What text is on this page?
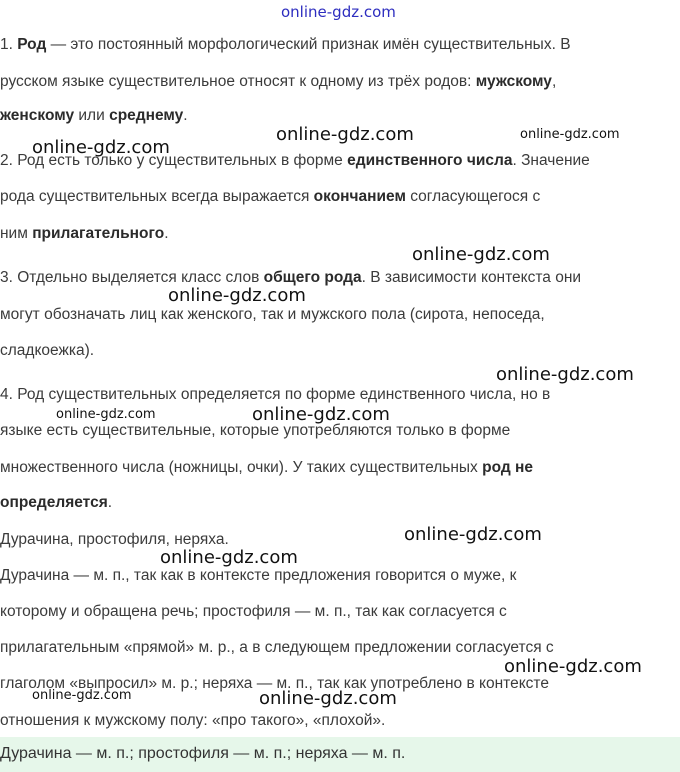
online-gdz.com
1. Род — это постоянный морфологический признак имён существительных. В
русском языке существительное относят к одному из трёх родов: мужскому,
женскому или среднему.
2. Род есть только у существительных в форме единственного числа. Значение
рода существительных всегда выражается окончанием согласующегося с
ним прилагательного.
3. Отдельно выделяется класс слов общего рода. В зависимости контекста они
могут обозначать лиц как женского, так и мужского пола (сирота, непоседа,
сладкоежка).
4. Род существительных определяется по форме единственного числа, но в
языке есть существительные, которые употребляются только в форме
множественного числа (ножницы, очки). У таких существительных род не
определяется.
Дурачина, простофиля, неряха.
Дурачина — м. п., так как в контексте предложения говорится о муже, к
которому и обращена речь; простофиля — м. п., так как согласуется с
прилагательным «прямой» м. р., а в следующем предложении согласуется с
глаголом «выпросил» м. р.; неряха — м. п., так как употреблено в контексте
отношения к мужскому полу: «про такого», «плохой».
online-gdz.com
online-gdz.com	online-gdz.com
online-gdz.com
online-gdz.com
online-gdz.com
online-gdz.com	online-gdz.com
online-gdz.com
online-gdz.com
online-gdz.com
online-gdz.com	online-gdz.com
Дурачина — м. п.; простофиля — м. п.; неряха — м. п.
